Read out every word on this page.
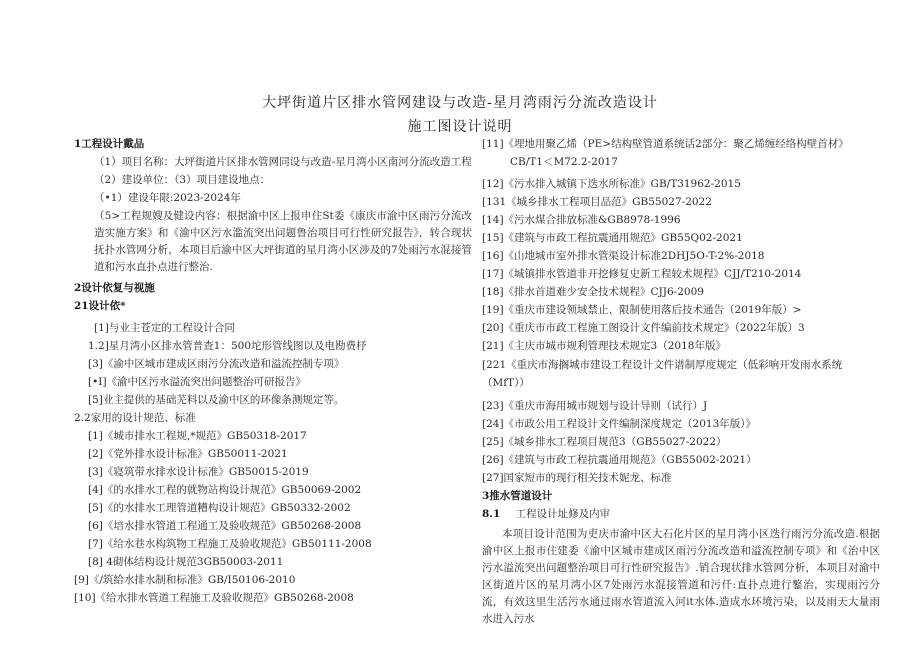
大坪街道片区排水管网建设与改造-星月湾雨污分流改造设计
施工图设计说明
1工程设计戴品
（1）项目名称：大坪街道片区排水管网同设与改造-星月湾小区南河分流改造工程
（2）建设单位：（3）项目建设地点：
（•1）建设年限:2023-2024年
（5>工程规嫂及健设内容：根据渝中区上报申住St委《康庆市渝中区雨污分流改造实施方案》和《渝中区污水滥流突出问题鲁治项目可行性研究报告》，转合现状抚扑水管网分析，本项目后渝中区大坪街道的星月湾小区涉及的7处雨污水混接管道和污水直扑点进行整治.
2设计依复与视施
21设计依*
[1]与业主苍定的工程设计合同
1.2]星月湾小区排水管普查1：500坨形管线图以及电勘费杼
[3]《渝中区城市建成区雨污分流改造和溢流控制专项》
[•I]《渝中区污水溢流突出问题整治可研报告》
[5]业主提供的基础芜料以及渝中区的环像条测规定等。
2.2家用的设计规范、标准
[1]《城市排水工程规,*规范》GB50318-2017
[2]《党外排水设计标准》GB50011-2021
[3]《寝筑带水排水设计标准》GB50015-2019
[4]《的水排水工程的就物站构设计规范》GB50069-2002
[5]《的水排水工理管道糟构设计规范》GB50332-2002
[6]《培水排水管道工程通工及验收规范》GB50268-2008
[7]《给水巷水构筑物工程施工及验收规范》GB50111-2008
[8] 4砌体结构设计规范3GB50003-2011
[9]《/筑給水排水制和标准》GB/I50106-2010
[10]《给水排水管道工程施工及验收规范》GB50268-2008
[11]《埋地用聚乙烯（PE>结构壁管道系统话2部分：聚乙烯缠经络构壁首材》
CB/T1＜M72.2-2017
[12]《污水排入城镇下迭水所标准》GB/T31962-2015
[131《城乡排水工程项目品范》GB55027-2022
[14]《污水煤合排放标准&GB8978-1996
[15]《建筑与市政工程抗震通用规范》GB55Q02-2021
[16]《山地城市室外排水管渠设计标准2DHJ5O-T-2%-2018
[17]《城镇排水管道非开挖修复史新工程较术规程》CJJ/T210-2014
[18]《排水首道难少安全技术规程》CJJ6-2009
[19]《重庆市建设领域禁止、限制使用落后技术通告（2019年版）>
[20]《重庆市市政工程施工图设计文件编前技术规定》（2022年版）3
[21]《主庆市城市规利管理技术规定3（2018年版》
[221《重庆市海搁城市建设工程设计文件谱制厚度规定（低彩响开发雨水系统（MfT））
[23]《重庆市海用城市规划与设计导则（试行）J
[24]《市政公用工程设计文件编制深度规定（2013年版）》
[25]《城乡排水工程项目规范3（GB55027-2022）
[26]《建筑与市政工程抗震通用规范》（GB55002-2021）
[27]国家短市的现行相关技术妮龙、标准
3推水管道设计
8.1 工程设计址修及内审
本项目设计范围为吏庆市渝中区大石化片区的星月湾小区迭行雨污分流改造.根据渝中区上报市住建委《渝中区城市建成区雨污分流改造和溢流控制专项》和《治中区污水溢流突出问题整治项目可行性研究报告》.销合现状排水管网分析，本项目对渝中区街道片区的星月湾小区7处雨污水混接管道和污仟:直扑点进行鏊治，实现雨污分流，有效这里生活污水通过雨水管道流入河it水体.造成水环境污染，以及雨天大量雨水进入污水
